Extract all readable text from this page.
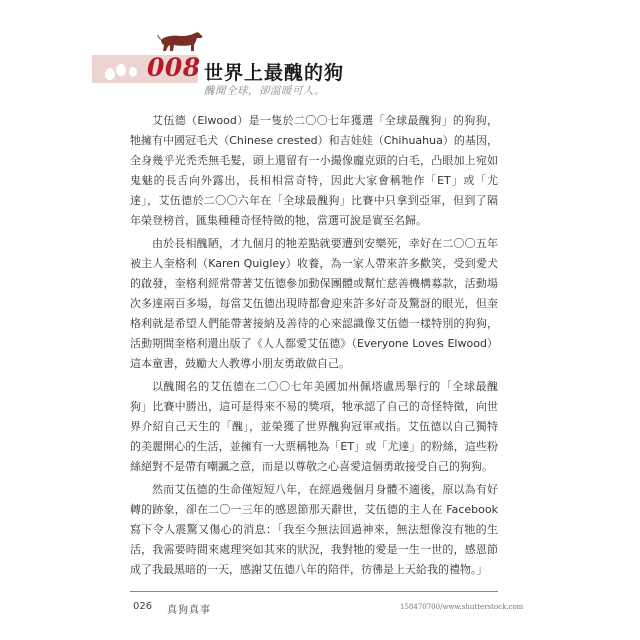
008 世界上最醜的狗
醜聞全球，卻溫暖可人。

艾伍德（Elwood）是一隻於二〇〇七年獲選「全球最醜狗」的狗狗，牠擁有中國冠毛犬（Chinese crested）和吉娃娃（Chihuahua）的基因，全身幾乎光禿禿無毛髮，頭上還留有一小撮像龐克頭的白毛，凸眼加上宛如鬼魅的長舌向外露出，長相相當奇特，因此大家會稱牠作「ET」或「尤達」，艾伍德於二〇〇六年在「全球最醜狗」比賽中只拿到亞軍，但到了隔年榮登榜首，匯集種種奇怪特徵的牠，當選可說是實至名歸。

由於長相醜陋，才九個月的牠差點就要遭到安樂死，幸好在二〇〇五年被主人奎格利（Karen Quigley）收養，為一家人帶來許多歡笑，受到愛犬的啟發，奎格利經常帶著艾伍德參加動保團體或幫忙慈善機構募款，活動場次多達兩百多場，每當艾伍德出現時都會迎來許多好奇及驚訝的眼光，但奎格利就是希望人們能帶著接納及善待的心來認識像艾伍德一樣特別的狗狗，活動期間奎格利還出版了《人人都愛艾伍德》（Everyone Loves Elwood）這本童書，鼓勵大人教導小朋友勇敢做自己。

以醜聞名的艾伍德在二〇〇七年美國加州佩塔盧馬舉行的「全球最醜狗」比賽中勝出，這可是得來不易的獎項，牠承認了自己的奇怪特徵，向世界介紹自己天生的「醜」，並榮獲了世界醜狗冠軍戒指。艾伍德以自己獨特的美麗開心的生活，並擁有一大票稱牠為「ET」或「尤達」的粉絲，這些粉絲絕對不是帶有嘲諷之意，而是以尊敬之心喜愛這個勇敢接受自己的狗狗。

然而艾伍德的生命僅短短八年，在經過幾個月身體不適後，原以為有好轉的跡象，卻在二〇一三年的感恩節那天辭世，艾伍德的主人在 Facebook 寫下令人震驚又傷心的消息：「我至今無法回過神來，無法想像沒有牠的生活，我需要時間來處理突如其來的狀況，我對牠的愛是一生一世的，感恩節成了我最黑暗的一天，感謝艾伍德八年的陪伴，彷彿是上天給我的禮物。」

026 真狗真事	158470700/www.shutterstock.com
